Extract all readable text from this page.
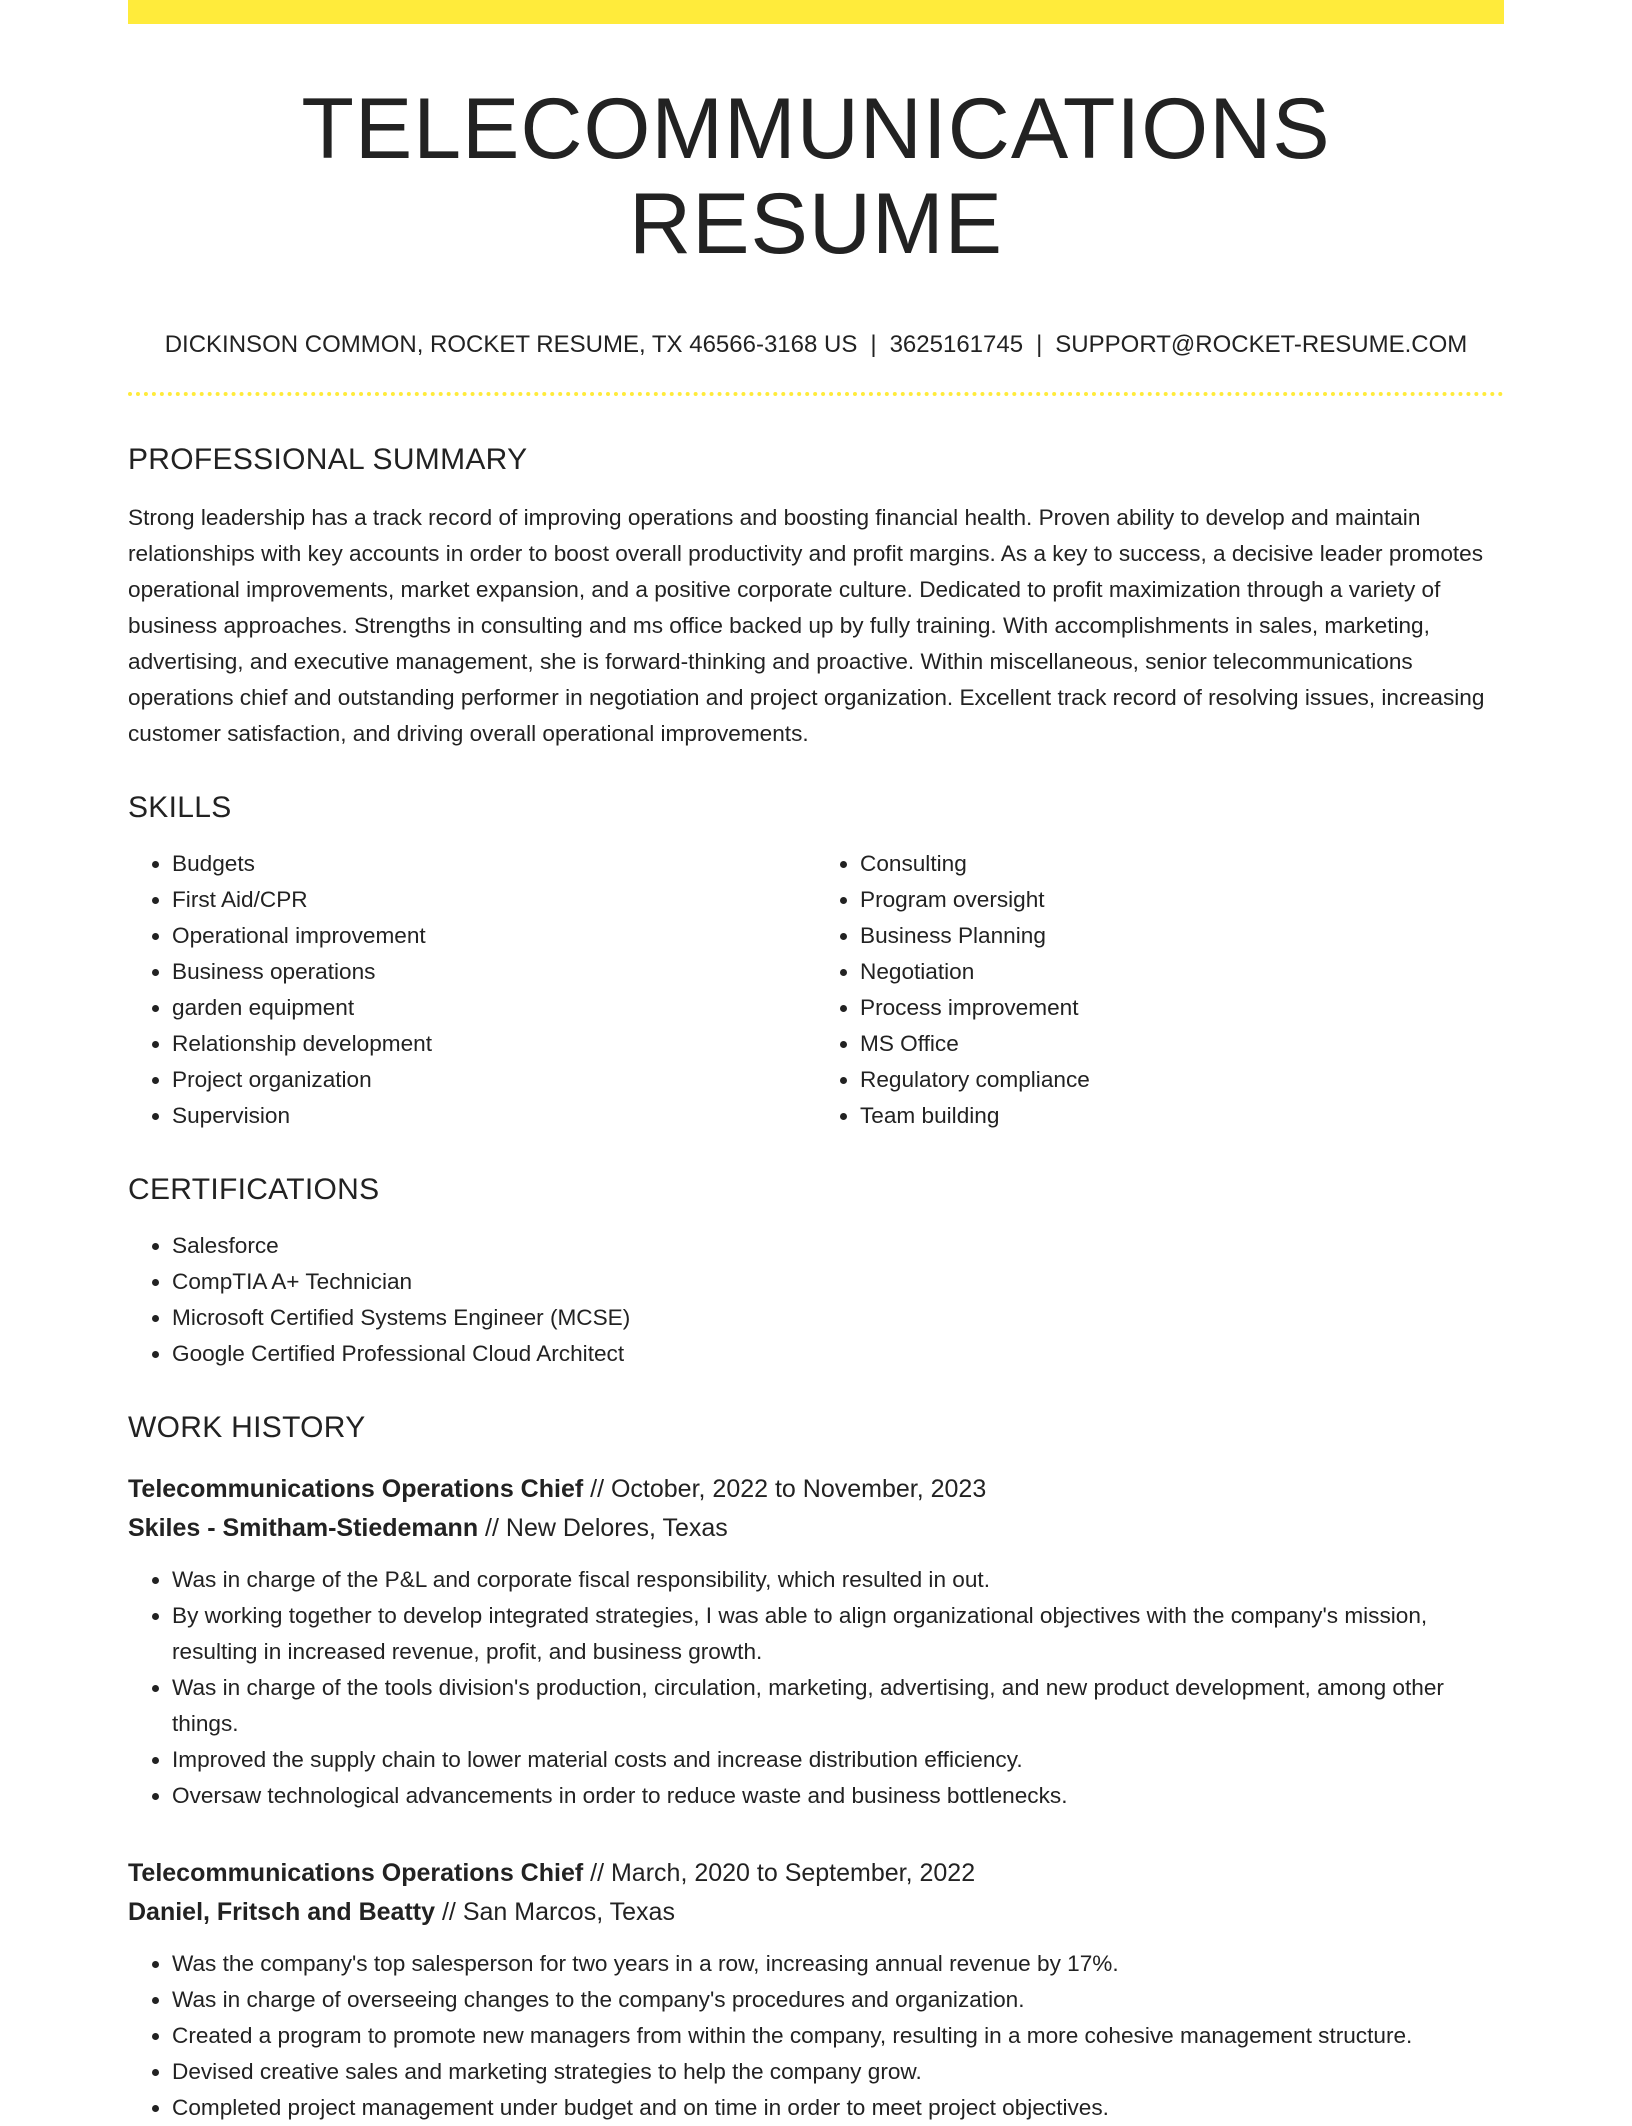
TELECOMMUNICATIONS RESUME
DICKINSON COMMON, ROCKET RESUME, TX 46566-3168 US | 3625161745 | SUPPORT@ROCKET-RESUME.COM
PROFESSIONAL SUMMARY

Strong leadership has a track record of improving operations and boosting financial health. Proven ability to develop and maintain relationships with key accounts in order to boost overall productivity and profit margins. As a key to success, a decisive leader promotes operational improvements, market expansion, and a positive corporate culture. Dedicated to profit maximization through a variety of business approaches. Strengths in consulting and ms office backed up by fully training. With accomplishments in sales, marketing, advertising, and executive management, she is forward-thinking and proactive. Within miscellaneous, senior telecommunications operations chief and outstanding performer in negotiation and project organization. Excellent track record of resolving issues, increasing customer satisfaction, and driving overall operational improvements.

SKILLS
• Budgets
• First Aid/CPR
• Operational improvement
• Business operations
• garden equipment
• Relationship development
• Project organization
• Supervision
• Consulting
• Program oversight
• Business Planning
• Negotiation
• Process improvement
• MS Office
• Regulatory compliance
• Team building
CERTIFICATIONS
• Salesforce
• CompTIA A+ Technician
• Microsoft Certified Systems Engineer (MCSE)
• Google Certified Professional Cloud Architect
WORK HISTORY
Telecommunications Operations Chief // October, 2022 to November, 2023
Skiles - Smitham-Stiedemann // New Delores, Texas
• Was in charge of the P&L and corporate fiscal responsibility, which resulted in out.
• By working together to develop integrated strategies, I was able to align organizational objectives with the company's mission, resulting in increased revenue, profit, and business growth.
• Was in charge of the tools division's production, circulation, marketing, advertising, and new product development, among other things.
• Improved the supply chain to lower material costs and increase distribution efficiency.
• Oversaw technological advancements in order to reduce waste and business bottlenecks.
Telecommunications Operations Chief // March, 2020 to September, 2022
Daniel, Fritsch and Beatty // San Marcos, Texas
• Was the company's top salesperson for two years in a row, increasing annual revenue by 17%.
• Was in charge of overseeing changes to the company's procedures and organization.
• Created a program to promote new managers from within the company, resulting in a more cohesive management structure.
• Devised creative sales and marketing strategies to help the company grow.
• Completed project management under budget and on time in order to meet project objectives.
